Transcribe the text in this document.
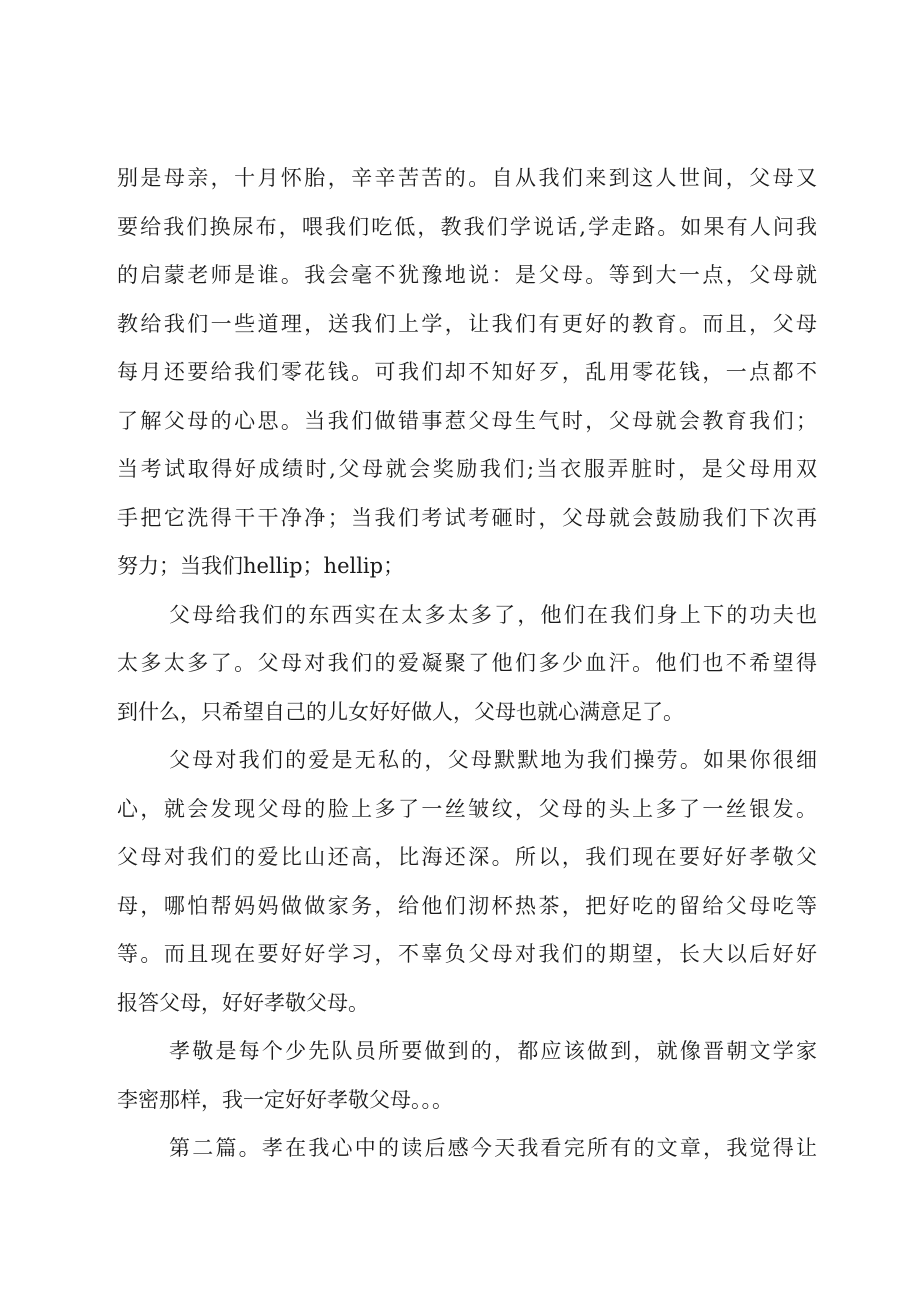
别是母亲，十月怀胎，辛辛苦苦的。自从我们来到这人世间，父母又
要给我们换尿布，喂我们吃低，教我们学说话,学走路。如果有人问我
的启蒙老师是谁。我会毫不犹豫地说：是父母。等到大一点，父母就
教给我们一些道理，送我们上学，让我们有更好的教育。而且，父母
每月还要给我们零花钱。可我们却不知好歹，乱用零花钱，一点都不
了解父母的心思。当我们做错事惹父母生气时，父母就会教育我们；
当考试取得好成绩时,父母就会奖励我们;当衣服弄脏时，是父母用双
手把它洗得干干净净；当我们考试考砸时，父母就会鼓励我们下次再
努力；当我们hellip；hellip；
父母给我们的东西实在太多太多了，他们在我们身上下的功夫也
太多太多了。父母对我们的爱凝聚了他们多少血汗。他们也不希望得
到什么，只希望自己的儿女好好做人，父母也就心满意足了。
父母对我们的爱是无私的，父母默默地为我们操劳。如果你很细
心，就会发现父母的脸上多了一丝皱纹，父母的头上多了一丝银发。
父母对我们的爱比山还高，比海还深。所以，我们现在要好好孝敬父
母，哪怕帮妈妈做做家务，给他们沏杯热茶，把好吃的留给父母吃等
等。而且现在要好好学习，不辜负父母对我们的期望，长大以后好好
报答父母，好好孝敬父母。
孝敬是每个少先队员所要做到的，都应该做到，就像晋朝文学家
李密那样，我一定好好孝敬父母。。。
第二篇。孝在我心中的读后感今天我看完所有的文章，我觉得让
